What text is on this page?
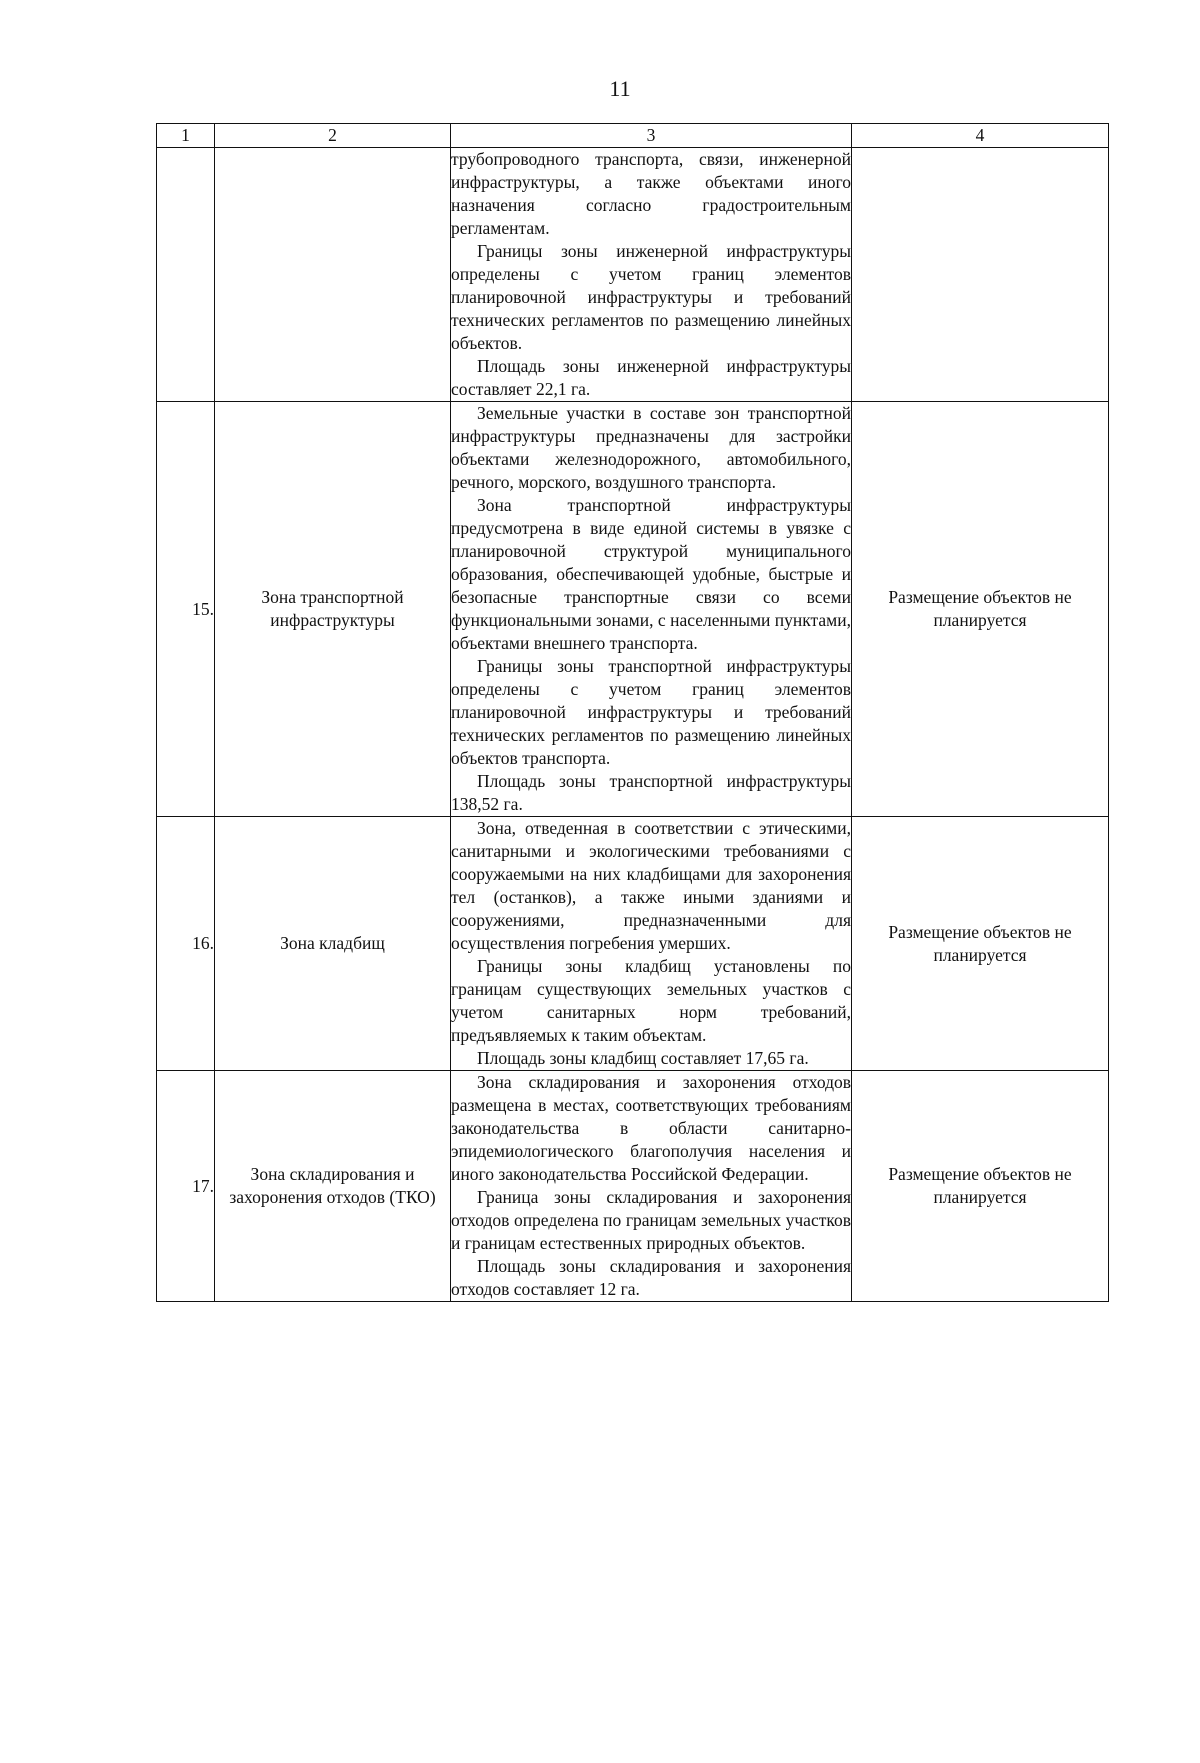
11
1	2	3	4

		трубопроводного транспорта, связи, инженерной инфраструктуры, а также объектами иного назначения согласно градостроительным регламентам.

Границы зоны инженерной инфраструктуры определены с учетом границ элементов планировочной инфраструктуры и требований технических регламентов по размещению линейных объектов.

Площадь зоны инженерной инфраструктуры составляет 22,1 га.	

15.	Зона транспортной инфраструктуры	Земельные участки в составе зон транспортной инфраструктуры предназначены для застройки объектами железнодорожного, автомобильного, речного, морского, воздушного транспорта.

Зона транспортной инфраструктуры предусмотрена в виде единой системы в увязке с планировочной структурой муниципального образования, обеспечивающей удобные, быстрые и безопасные транспортные связи со всеми функциональными зонами, с населенными пунктами, объектами внешнего транспорта.

Границы зоны транспортной инфраструктуры определены с учетом границ элементов планировочной инфраструктуры и требований технических регламентов по размещению линейных объектов транспорта.

Площадь зоны транспортной инфраструктуры 138,52 га.	Размещение объектов не планируется
16.	Зона кладбищ	Зона, отведенная в соответствии с этическими, санитарными и экологическими требованиями с сооружаемыми на них кладбищами для захоронения тел (останков), а также иными зданиями и сооружениями, предназначенными для осуществления погребения умерших.

Границы зоны кладбищ установлены по границам существующих земельных участков с учетом санитарных норм требований, предъявляемых к таким объектам.

Площадь зоны кладбищ составляет 17,65 га.	Размещение объектов не планируется
17.	Зона складирования и захоронения отходов (ТКО)	Зона складирования и захоронения отходов размещена в местах, соответствующих требованиям законодательства в области санитарно-эпидемиологического благополучия населения и иного законодательства Российской Федерации.

Граница зоны складирования и захоронения отходов определена по границам земельных участков и границам естественных природных объектов.

Площадь зоны складирования и захоронения отходов составляет 12 га.	Размещение объектов не планируется
